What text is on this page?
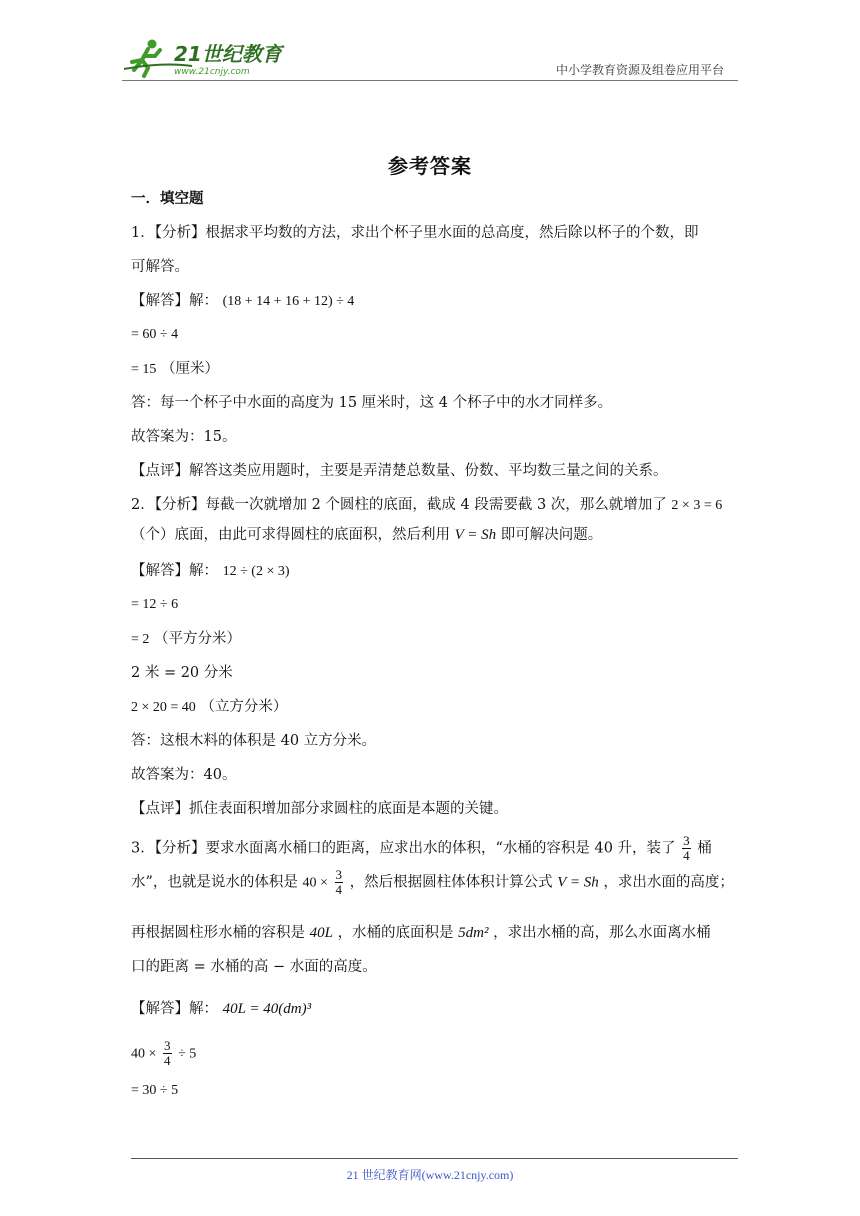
21世纪教育
www.21cnjy.com	中小学教育资源及组卷应用平台
参考答案
一．填空题
1．【分析】根据求平均数的方法，求出个杯子里水面的总高度，然后除以杯子的个数，即
可解答。
【解答】解： (18 + 14 + 16 + 12) ÷ 4
= 60 ÷ 4
= 15 （厘米）
答：每一个杯子中水面的高度为 15 厘米时，这 4 个杯子中的水才同样多。
故答案为：15。
【点评】解答这类应用题时，主要是弄清楚总数量、份数、平均数三量之间的关系。
2．【分析】每截一次就增加 2 个圆柱的底面，截成 4 段需要截 3 次，那么就增加了 2 × 3 = 6
（个）底面，由此可求得圆柱的底面积，然后利用 V = Sh 即可解决问题。
【解答】解： 12 ÷ (2 × 3)
= 12 ÷ 6
= 2 （平方分米）
2 米 = 20 分米
2 × 20 = 40 （立方分米）
答：这根木料的体积是 40 立方分米。
故答案为：40。
【点评】抓住表面积增加部分求圆柱的底面是本题的关键。
3．【分析】要求水面离水桶口的距离，应求出水的体积，“水桶的容积是 40 升，装了 $\frac{3}{4}$ 桶
水”，也就是说水的体积是 $40 \times \frac{3}{4}$ ，然后根据圆柱体体积计算公式 V = Sh ，求出水面的高度；
再根据圆柱形水桶的容积是 40L ，水桶的底面积是 5dm² ，求出水桶的高，那么水面离水桶
口的距离 = 水桶的高 − 水面的高度。
【解答】解： 40L = 40(dm)³
$40 \times \frac{3}{4} \div 5$
= 30 ÷ 5
21 世纪教育网(www.21cnjy.com)
